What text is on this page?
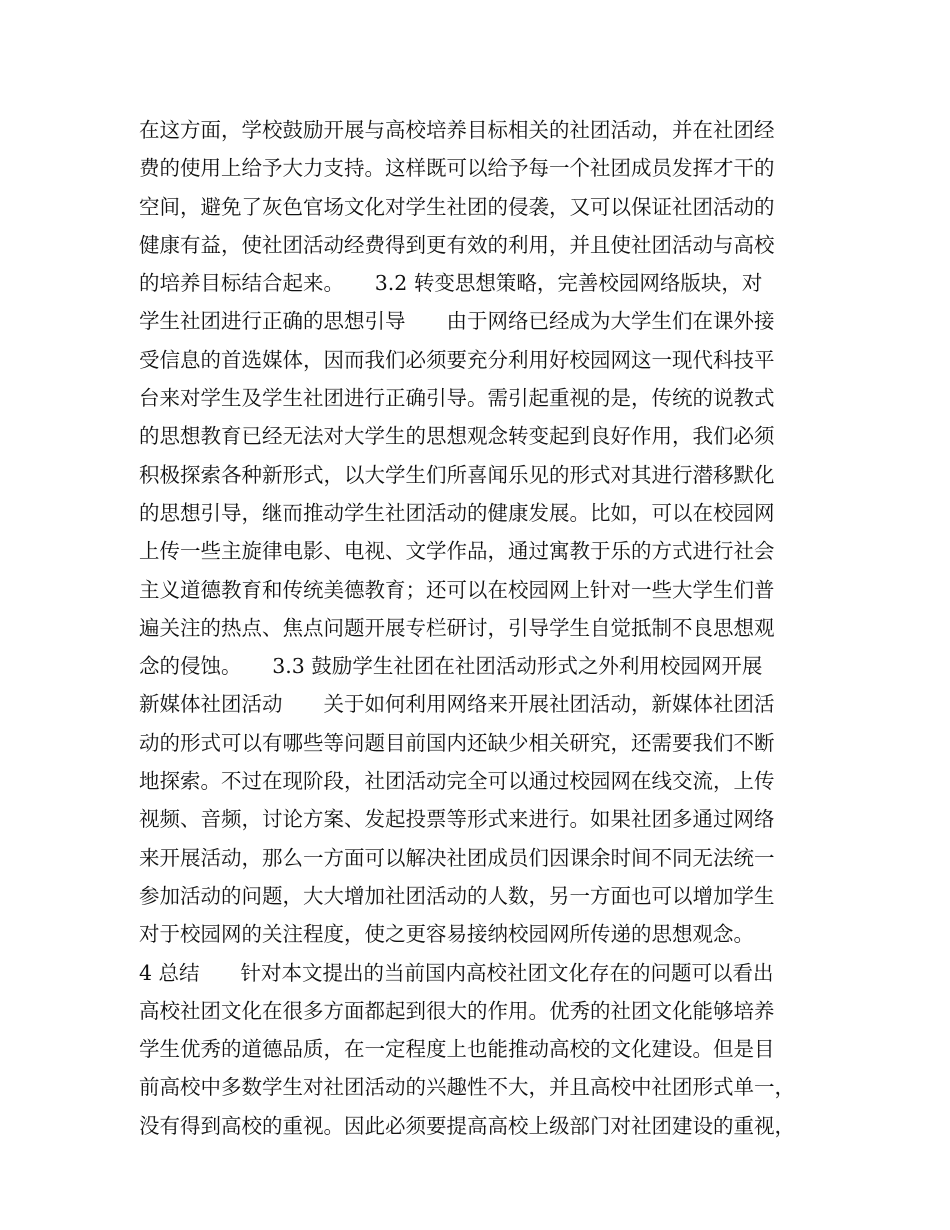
在这方面，学校鼓励开展与高校培养目标相关的社团活动，并在社团经
费的使用上给予大力支持。这样既可以给予每一个社团成员发挥才干的
空间，避免了灰色官场文化对学生社团的侵袭，又可以保证社团活动的
健康有益，使社团活动经费得到更有效的利用，并且使社团活动与高校
的培养目标结合起来。　　3.2 转变思想策略，完善校园网络版块，对
学生社团进行正确的思想引导　　由于网络已经成为大学生们在课外接
受信息的首选媒体，因而我们必须要充分利用好校园网这一现代科技平
台来对学生及学生社团进行正确引导。需引起重视的是，传统的说教式
的思想教育已经无法对大学生的思想观念转变起到良好作用，我们必须
积极探索各种新形式，以大学生们所喜闻乐见的形式对其进行潜移默化
的思想引导，继而推动学生社团活动的健康发展。比如，可以在校园网
上传一些主旋律电影、电视、文学作品，通过寓教于乐的方式进行社会
主义道德教育和传统美德教育；还可以在校园网上针对一些大学生们普
遍关注的热点、焦点问题开展专栏研讨，引导学生自觉抵制不良思想观
念的侵蚀。　　3.3 鼓励学生社团在社团活动形式之外利用校园网开展
新媒体社团活动　　关于如何利用网络来开展社团活动，新媒体社团活
动的形式可以有哪些等问题目前国内还缺少相关研究，还需要我们不断
地探索。不过在现阶段，社团活动完全可以通过校园网在线交流，上传
视频、音频，讨论方案、发起投票等形式来进行。如果社团多通过网络
来开展活动，那么一方面可以解决社团成员们因课余时间不同无法统一
参加活动的问题，大大增加社团活动的人数，另一方面也可以增加学生
对于校园网的关注程度，使之更容易接纳校园网所传递的思想观念。
4 总结　　针对本文提出的当前国内高校社团文化存在的问题可以看出
高校社团文化在很多方面都起到很大的作用。优秀的社团文化能够培养
学生优秀的道德品质，在一定程度上也能推动高校的文化建设。但是目
前高校中多数学生对社团活动的兴趣性不大，并且高校中社团形式单一，
没有得到高校的重视。因此必须要提高高校上级部门对社团建设的重视，
